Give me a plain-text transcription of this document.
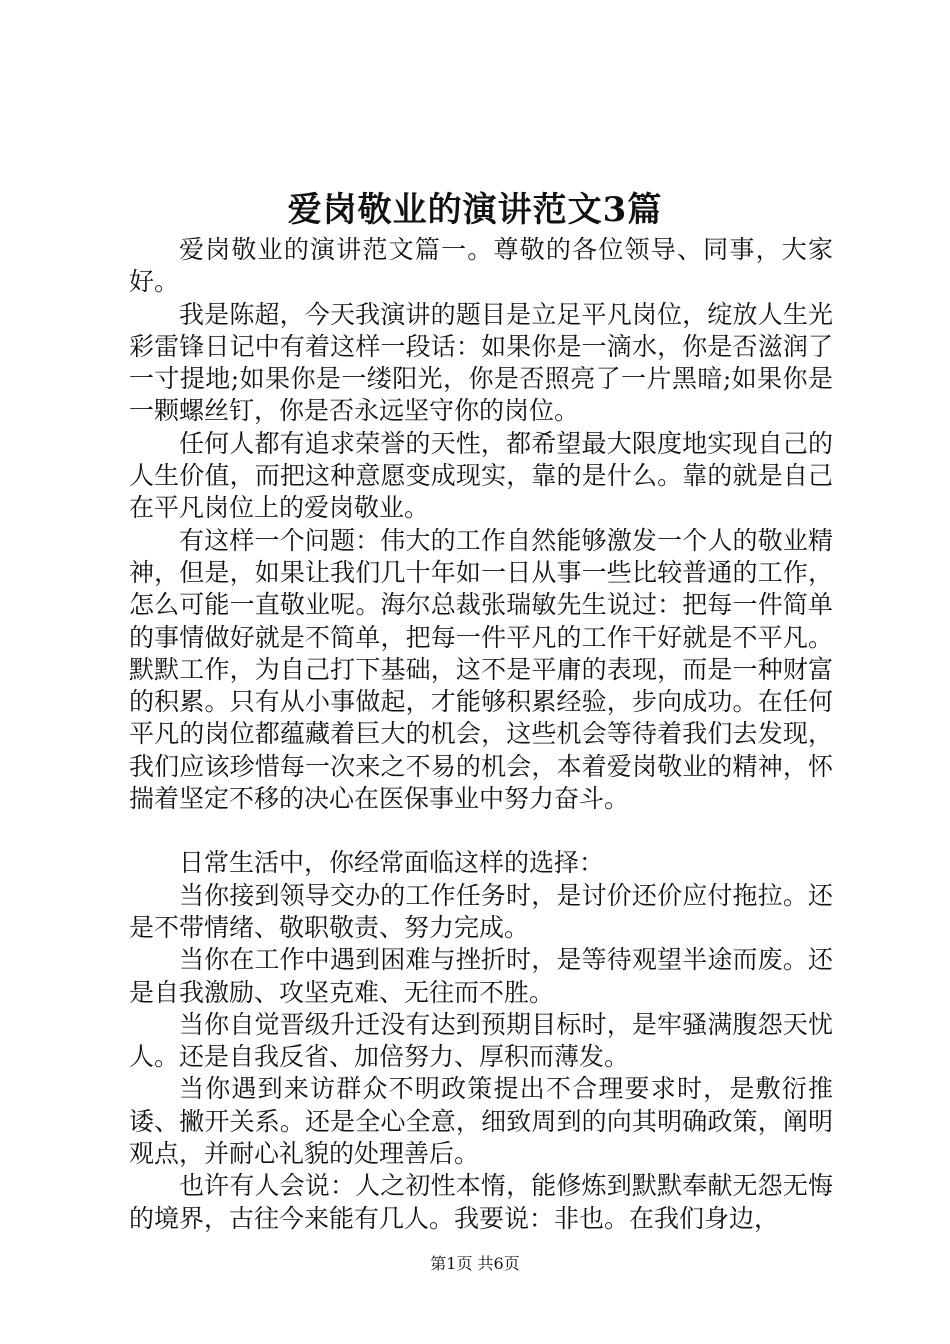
爱岗敬业的演讲范文3篇

爱岗敬业的演讲范文篇一。尊敬的各位领导、同事，大家好。

我是陈超，今天我演讲的题目是立足平凡岗位，绽放人生光彩雷锋日记中有着这样一段话：如果你是一滴水，你是否滋润了一寸提地;如果你是一缕阳光，你是否照亮了一片黑暗;如果你是一颗螺丝钉，你是否永远坚守你的岗位。

任何人都有追求荣誉的天性，都希望最大限度地实现自己的人生价值，而把这种意愿变成现实，靠的是什么。靠的就是自己在平凡岗位上的爱岗敬业。

有这样一个问题：伟大的工作自然能够激发一个人的敬业精神，但是，如果让我们几十年如一日从事一些比较普通的工作，怎么可能一直敬业呢。海尔总裁张瑞敏先生说过：把每一件简单的事情做好就是不简单，把每一件平凡的工作干好就是不平凡。默默工作，为自己打下基础，这不是平庸的表现，而是一种财富的积累。只有从小事做起，才能够积累经验，步向成功。在任何平凡的岗位都蕴藏着巨大的机会，这些机会等待着我们去发现，我们应该珍惜每一次来之不易的机会，本着爱岗敬业的精神，怀揣着坚定不移的决心在医保事业中努力奋斗。

日常生活中，你经常面临这样的选择：

当你接到领导交办的工作任务时，是讨价还价应付拖拉。还是不带情绪、敬职敬责、努力完成。

当你在工作中遇到困难与挫折时，是等待观望半途而废。还是自我激励、攻坚克难、无往而不胜。

当你自觉晋级升迁没有达到预期目标时，是牢骚满腹怨天忧人。还是自我反省、加倍努力、厚积而薄发。

当你遇到来访群众不明政策提出不合理要求时，是敷衍推诿、撇开关系。还是全心全意，细致周到的向其明确政策，阐明观点，并耐心礼貌的处理善后。

也许有人会说：人之初性本惰，能修炼到默默奉献无怨无悔的境界，古往今来能有几人。我要说：非也。在我们身边，

第1页 共6页
